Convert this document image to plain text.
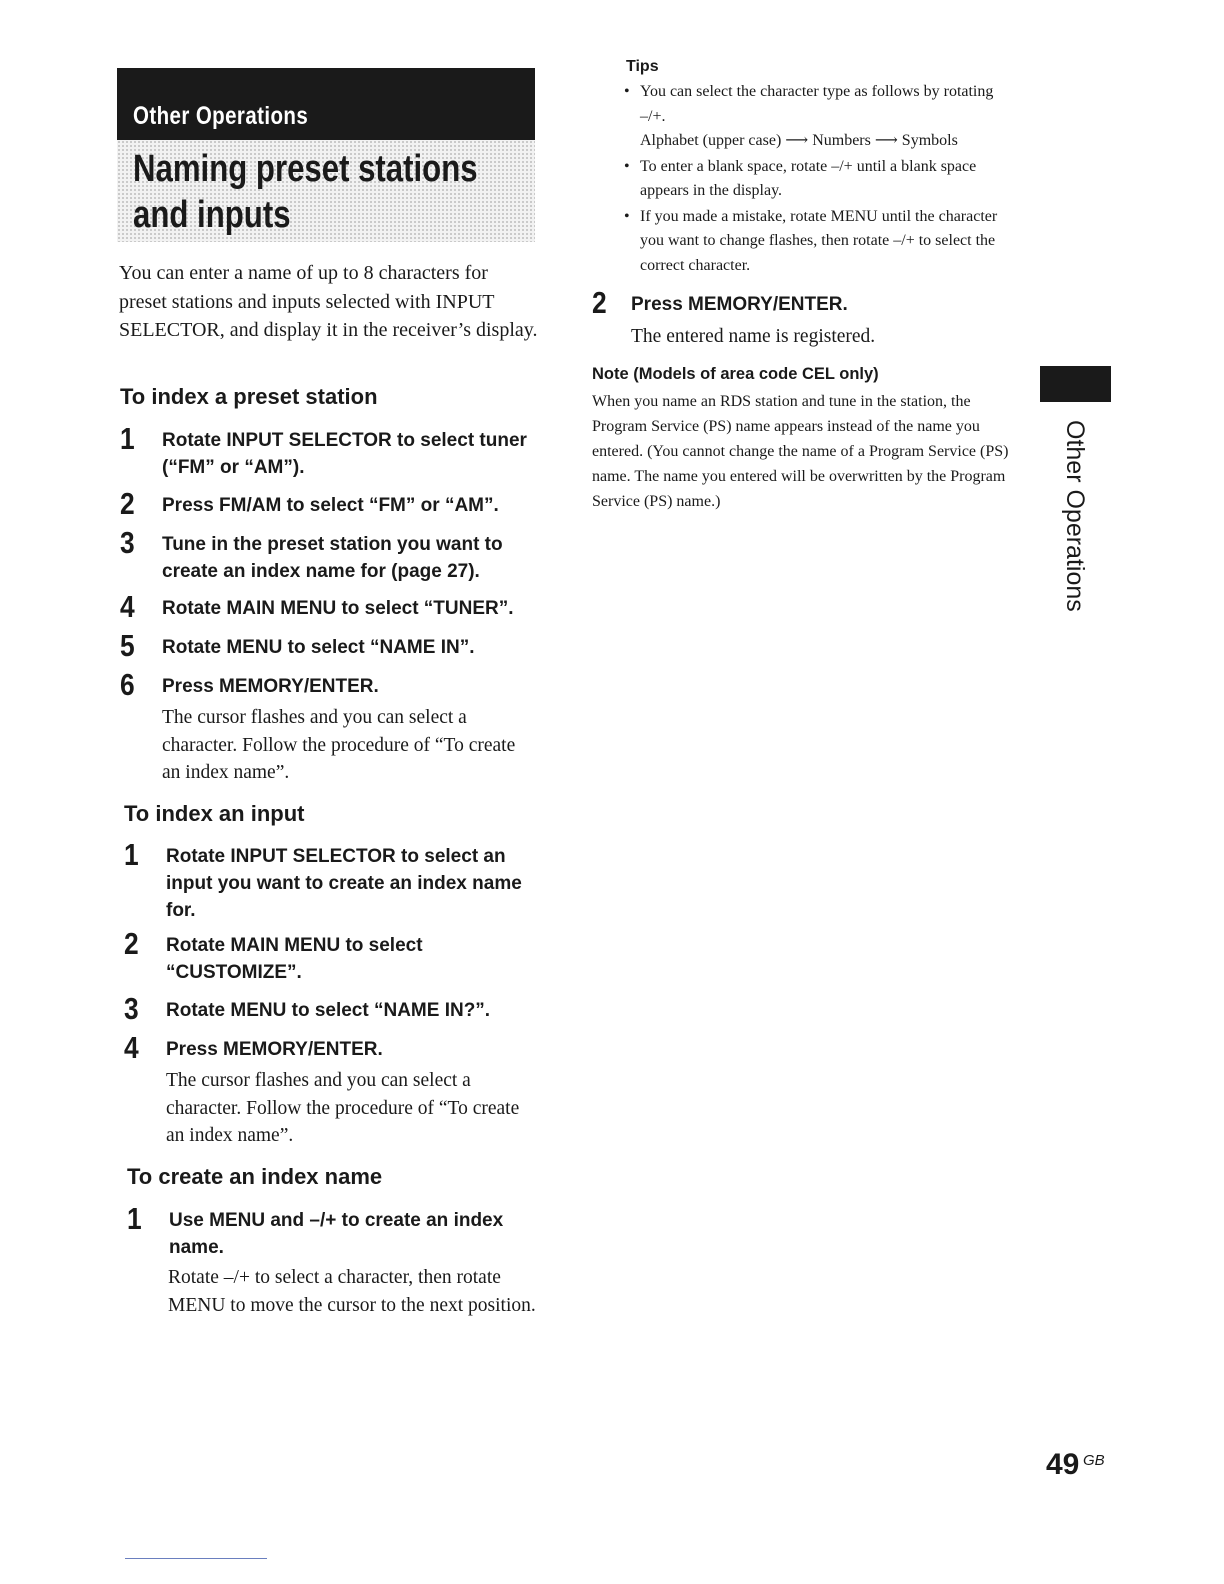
Other Operations
Naming preset stations
and inputs
You can enter a name of up to 8 characters for preset stations and inputs selected with INPUT SELECTOR, and display it in the receiver’s display.
To index a preset station
1 Rotate INPUT SELECTOR to select tuner (“FM” or “AM”).
2 Press FM/AM to select “FM” or “AM”.
3 Tune in the preset station you want to create an index name for (page 27).
4 Rotate MAIN MENU to select “TUNER”.
5 Rotate MENU to select “NAME IN”.
6 Press MEMORY/ENTER.
The cursor flashes and you can select a character. Follow the procedure of “To create an index name”.
To index an input
1 Rotate INPUT SELECTOR to select an input you want to create an index name for.
2 Rotate MAIN MENU to select “CUSTOMIZE”.
3 Rotate MENU to select “NAME IN?”.
4 Press MEMORY/ENTER.
The cursor flashes and you can select a character. Follow the procedure of “To create an index name”.
To create an index name
1 Use MENU and –/+ to create an index name.
Rotate –/+ to select a character, then rotate MENU to move the cursor to the next position.
Tips
• You can select the character type as follows by rotating –/+.
Alphabet (upper case) ⟶ Numbers ⟶ Symbols
• To enter a blank space, rotate –/+ until a blank space appears in the display.
• If you made a mistake, rotate MENU until the character you want to change flashes, then rotate –/+ to select the correct character.
2 Press MEMORY/ENTER.
The entered name is registered.
Note (Models of area code CEL only)
When you name an RDS station and tune in the station, the Program Service (PS) name appears instead of the name you entered. (You cannot change the name of a Program Service (PS) name. The name you entered will be overwritten by the Program Service (PS) name.)	Other Operations
49 GB
